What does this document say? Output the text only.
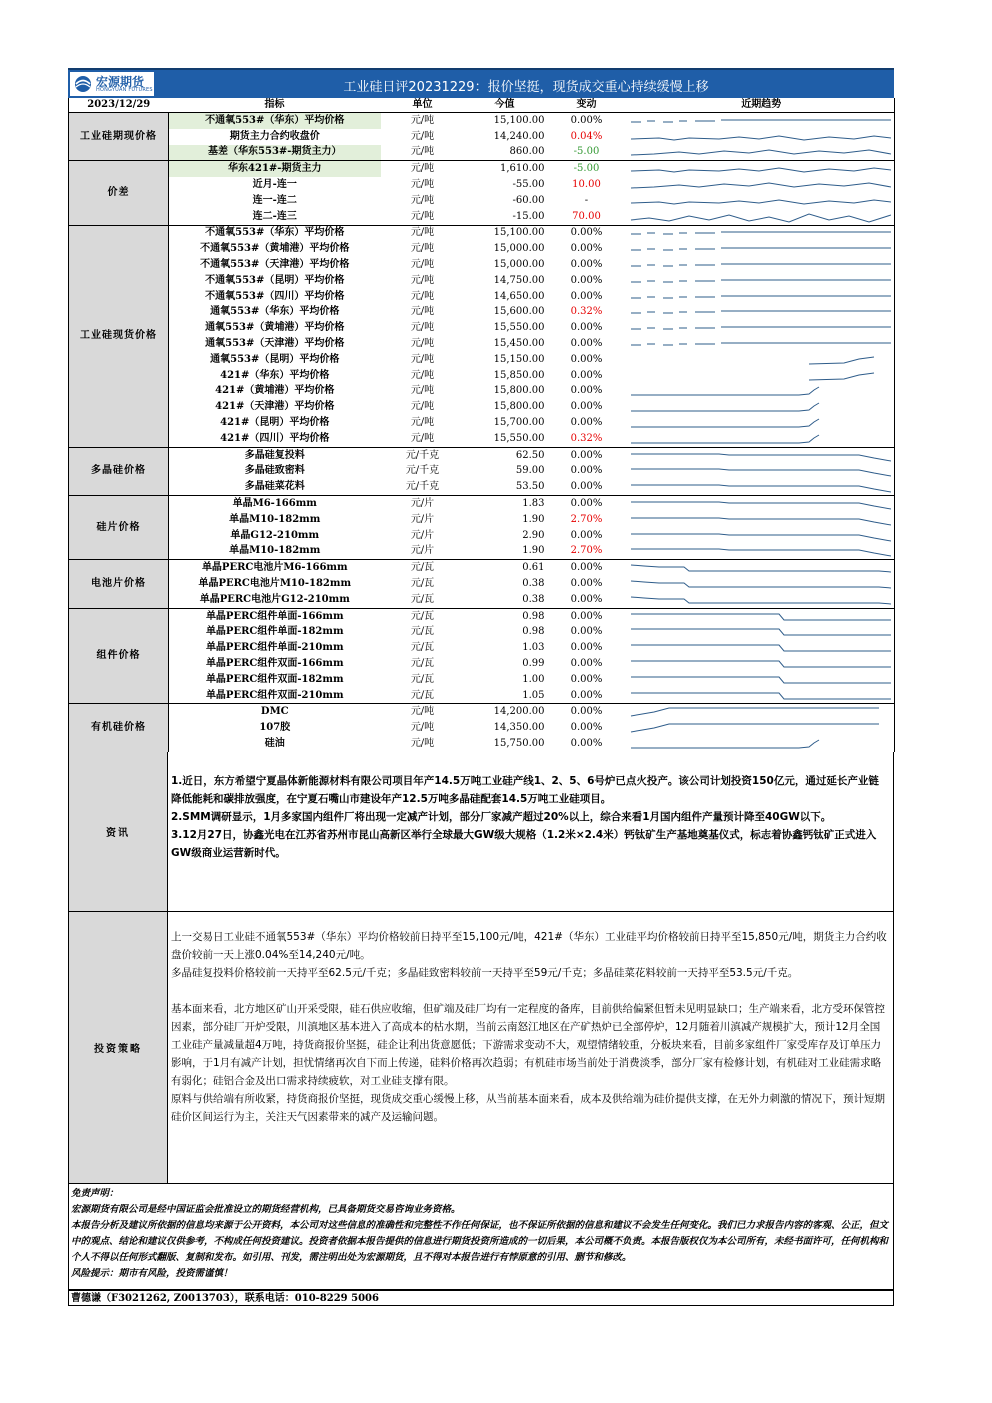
宏源期货
HONGYUAN FUTURES	工业硅日评20231229：报价坚挺，现货成交重心持续缓慢上移
2023/12/29	指标	单位	今值	变动	近期趋势
工业硅期现价格	不通氧553#（华东）平均价格	元/吨	15,100.00	0.00%	

	期货主力合约收盘价	元/吨	14,240.00	0.04%	

	基差（华东553#-期货主力）	元/吨	860.00	-5.00	

价差	华东421#-期货主力	元/吨	1,610.00	-5.00	

	近月-连一	元/吨	-55.00	10.00	

	连一-连二	元/吨	-60.00	-	

	连二-连三	元/吨	-15.00	70.00	

工业硅现货价格	不通氧553#（华东）平均价格	元/吨	15,100.00	0.00%	

	不通氧553#（黄埔港）平均价格	元/吨	15,000.00	0.00%	

	不通氧553#（天津港）平均价格	元/吨	15,000.00	0.00%	

	不通氧553#（昆明）平均价格	元/吨	14,750.00	0.00%	

	不通氧553#（四川）平均价格	元/吨	14,650.00	0.00%	

	通氧553#（华东）平均价格	元/吨	15,600.00	0.32%	

	通氧553#（黄埔港）平均价格	元/吨	15,550.00	0.00%	

	通氧553#（天津港）平均价格	元/吨	15,450.00	0.00%	

	通氧553#（昆明）平均价格	元/吨	15,150.00	0.00%	

	421#（华东）平均价格	元/吨	15,850.00	0.00%	

	421#（黄埔港）平均价格	元/吨	15,800.00	0.00%	

	421#（天津港）平均价格	元/吨	15,800.00	0.00%	

	421#（昆明）平均价格	元/吨	15,700.00	0.00%	

	421#（四川）平均价格	元/吨	15,550.00	0.32%	

多晶硅价格	多晶硅复投料	元/千克	62.50	0.00%	

	多晶硅致密料	元/千克	59.00	0.00%	

	多晶硅菜花料	元/千克	53.50	0.00%	

硅片价格	单晶M6-166mm	元/片	1.83	0.00%	

	单晶M10-182mm	元/片	1.90	2.70%	

	单晶G12-210mm	元/片	2.90	0.00%	

	单晶M10-182mm	元/片	1.90	2.70%	

电池片价格	单晶PERC电池片M6-166mm	元/瓦	0.61	0.00%	

	单晶PERC电池片M10-182mm	元/瓦	0.38	0.00%	

	单晶PERC电池片G12-210mm	元/瓦	0.38	0.00%	

组件价格	单晶PERC组件单面-166mm	元/瓦	0.98	0.00%	

	单晶PERC组件单面-182mm	元/瓦	0.98	0.00%	

	单晶PERC组件单面-210mm	元/瓦	1.03	0.00%	

	单晶PERC组件双面-166mm	元/瓦	0.99	0.00%	

	单晶PERC组件双面-182mm	元/瓦	1.00	0.00%	

	单晶PERC组件双面-210mm	元/瓦	1.05	0.00%	

有机硅价格	DMC	元/吨	14,200.00	0.00%	

	107胶	元/吨	14,350.00	0.00%	

	硅油	元/吨	15,750.00	0.00%	
资讯

1.近日，东方希望宁夏晶体新能源材料有限公司项目年产14.5万吨工业硅产线1、2、5、6号炉已点火投产。该公司计划投资150亿元，通过延长产业链降低能耗和碳排放强度，在宁夏石嘴山市建设年产12.5万吨多晶硅配套14.5万吨工业硅项目。

2.SMM调研显示，1月多家国内组件厂将出现一定减产计划，部分厂家减产超过20%以上，综合来看1月国内组件产量预计降至40GW以下。

3.12月27日，协鑫光电在江苏省苏州市昆山高新区举行全球最大GW级大规格（1.2米×2.4米）钙钛矿生产基地奠基仪式，标志着协鑫钙钛矿正式进入GW级商业运营新时代。

投资策略

上一交易日工业硅不通氧553#（华东）平均价格较前日持平至15,100元/吨，421#（华东）工业硅平均价格较前日持平至15,850元/吨，期货主力合约收盘价较前一天上涨0.04%至14,240元/吨。

多晶硅复投料价格较前一天持平至62.5元/千克；多晶硅致密料较前一天持平至59元/千克；多晶硅菜花料较前一天持平至53.5元/千克。

基本面来看，北方地区矿山开采受限，硅石供应收缩，但矿端及硅厂均有一定程度的备库，目前供给偏紧但暂未见明显缺口；生产端来看，北方受环保管控因素，部分硅厂开炉受限，川滇地区基本进入了高成本的枯水期，当前云南怒江地区在产矿热炉已全部停炉，12月随着川滇减产规模扩大，预计12月全国工业硅产量减量超4万吨，持货商报价坚挺，硅企让利出货意愿低；下游需求变动不大，观望情绪较重，分板块来看，目前多家组件厂家受库存及订单压力影响，于1月有减产计划，担忧情绪再次自下而上传递，硅料价格再次趋弱；有机硅市场当前处于消费淡季，部分厂家有检修计划，有机硅对工业硅需求略有弱化；硅铝合金及出口需求持续疲软，对工业硅支撑有限。

原料与供给端有所收紧，持货商报价坚挺，现货成交重心缓慢上移，从当前基本面来看，成本及供给端为硅价提供支撑，在无外力刺激的情况下，预计短期硅价区间运行为主，关注天气因素带来的减产及运输问题。

免责声明：

宏源期货有限公司是经中国证监会批准设立的期货经营机构，已具备期货交易咨询业务资格。

本报告分析及建议所依据的信息均来源于公开资料，本公司对这些信息的准确性和完整性不作任何保证，也不保证所依据的信息和建议不会发生任何变化。我们已力求报告内容的客观、公正，但文中的观点、结论和建议仅供参考，不构成任何投资建议。投资者依据本报告提供的信息进行期货投资所造成的一切后果，本公司概不负责。本报告版权仅为本公司所有，未经书面许可，任何机构和个人不得以任何形式翻版、复制和发布。如引用、刊发，需注明出处为宏源期货，且不得对本报告进行有悖原意的引用、删节和修改。

风险提示：期市有风险，投资需谨慎！

曹德谦（F3021262, Z0013703），联系电话：010-8229 5006
